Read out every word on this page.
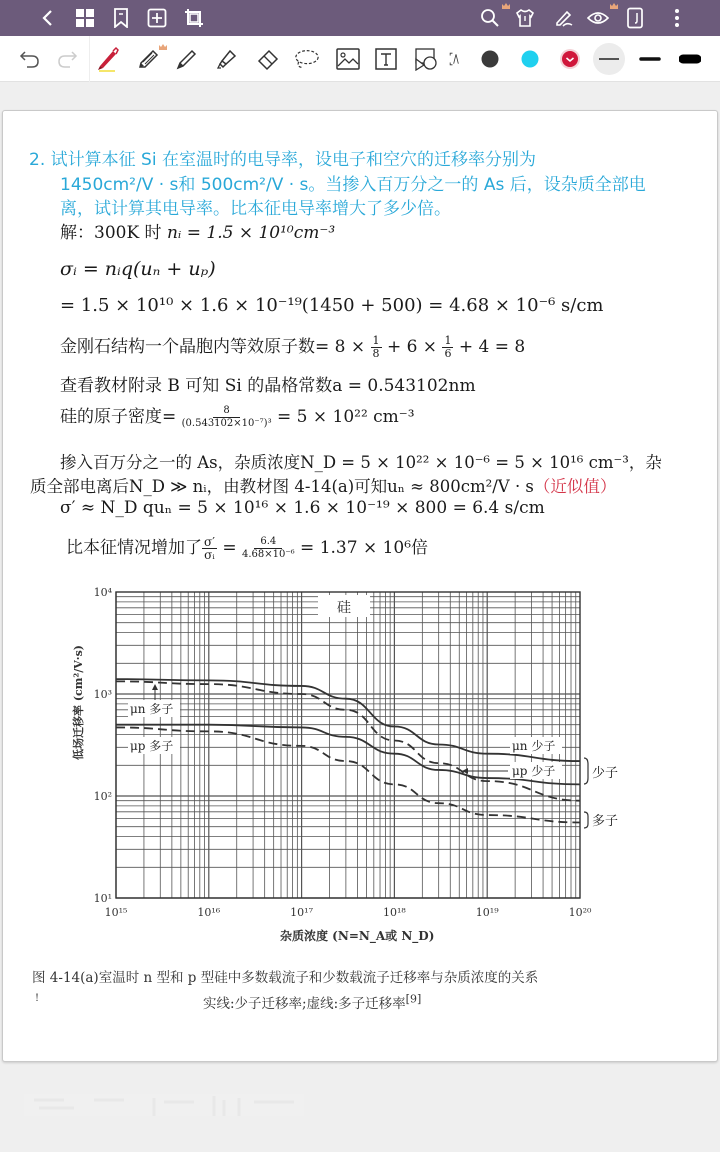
2. 试计算本征 Si 在室温时的电导率，设电子和空穴的迁移率分别为
1450cm²/V · s和 500cm²/V · s。当掺入百万分之一的 As 后，设杂质全部电
离，试计算其电导率。比本征电导率增大了多少倍。
解：300K 时 nᵢ = 1.5 × 10¹⁰cm⁻³
σᵢ = nᵢq(uₙ + uₚ)
= 1.5 × 10¹⁰ × 1.6 × 10⁻¹⁹(1450 + 500) = 4.68 × 10⁻⁶ s/cm
金刚石结构一个晶胞内等效原子数= $8 \times \frac{1}{8} + 6 \times \frac{1}{6} + 4 = 8$
查看教材附录 B 可知 Si 的晶格常数a = 0.543102nm
硅的原子密度= $\frac{8}{\text{(0.543102×10⁻⁷)³}} = 5 \times 10^{22}$ cm⁻³
掺入百万分之一的 As，杂质浓度N_D = 5 × 10²² × 10⁻⁶ = 5 × 10¹⁶ cm⁻³，杂
质全部电离后N_D ≫ nᵢ，由教材图 4-14(a)可知uₙ ≈ 800cm²/V · s（近似值）
σ′ ≈ N_D quₙ = 5 × 10¹⁶ × 1.6 × 10⁻¹⁹ × 800 = 6.4 s/cm
比本征情况增加了 $\frac{\sigma'}{\text{σᵢ}} = \frac{6.4}{\text{4.68×10⁻⁶}} = 1.37 \times 10^6$倍
硅
10¹⁵	10¹⁶	10¹⁷	10¹⁸	10¹⁹	10²⁰
10¹
10²
10³
10⁴
μn 多子
μp 多子	μn 少子
μp 少子	少子
多子
杂质浓度 (N=N_A或 N_D)
低场迁移率 (cm²/V·s)
图 4-14(a)室温时 n 型和 p 型硅中多数载流子和少数载流子迁移率与杂质浓度的关系
实线:少子迁移率;虚线:多子迁移率[9]
!
